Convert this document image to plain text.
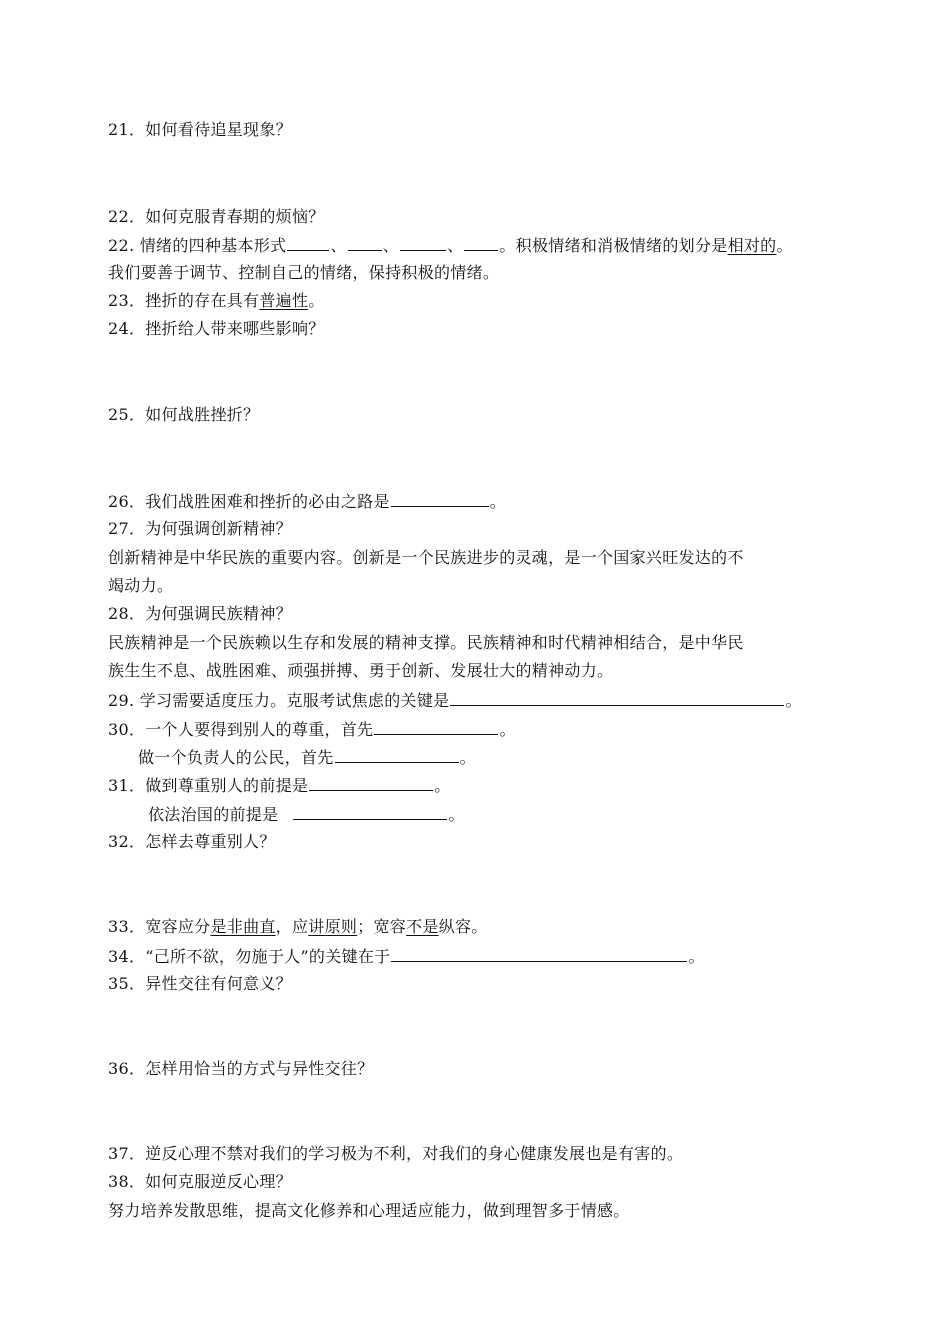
21．如何看待追星现象？
22．如何克服青春期的烦恼？
22. 情绪的四种基本形式	、 、	、 。积极情绪和消极情绪的划分是相对的。
我们要善于调节、控制自己的情绪，保持积极的情绪。
23．挫折的存在具有普遍性。
24．挫折给人带来哪些影响？
25．如何战胜挫折？
26．我们战胜困难和挫折的必由之路是	。
27．为何强调创新精神？
创新精神是中华民族的重要内容。创新是一个民族进步的灵魂，是一个国家兴旺发达的不
竭动力。
28．为何强调民族精神？
民族精神是一个民族赖以生存和发展的精神支撑。民族精神和时代精神相结合，是中华民
族生生不息、战胜困难、顽强拼搏、勇于创新、发展壮大的精神动力。
29. 学习需要适度压力。克服考试焦虑的关键是	。
30．一个人要得到别人的尊重，首先	。
做一个负责人的公民，首先	。
31．做到尊重别人的前提是	。
依法治国的前提是	。
32．怎样去尊重别人？
33．宽容应分是非曲直，应讲原则；宽容不是纵容。
34．“己所不欲，勿施于人”的关键在于	。
35．异性交往有何意义？
36．怎样用恰当的方式与异性交往？
37．逆反心理不禁对我们的学习极为不利，对我们的身心健康发展也是有害的。
38．如何克服逆反心理？
努力培养发散思维，提高文化修养和心理适应能力，做到理智多于情感。
